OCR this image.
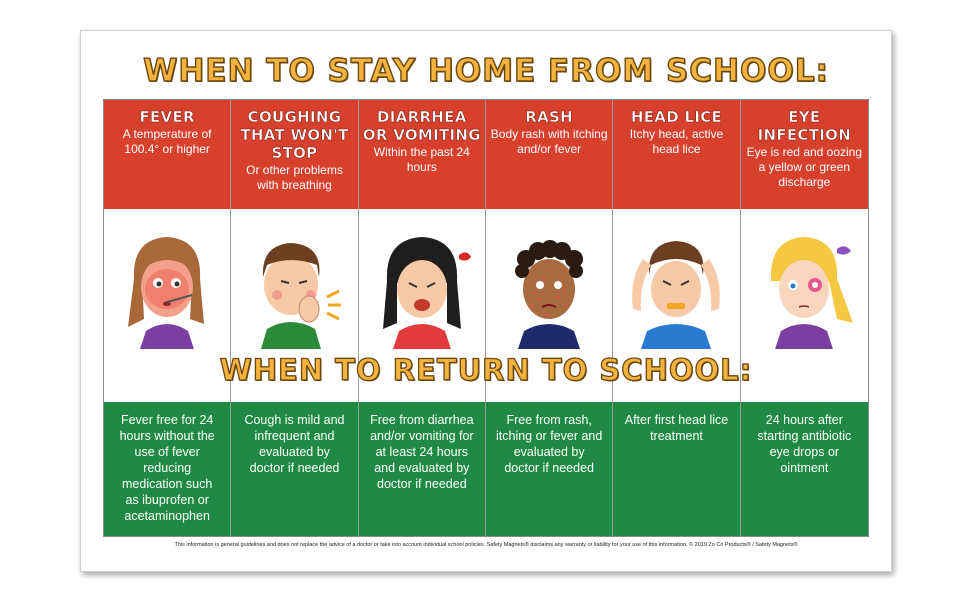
WHEN TO STAY HOME FROM SCHOOL:
FEVER
A temperature of 100.4° or higher
Fever free for 24 hours without the use of fever reducing medication such as ibuprofen or acetaminophen
COUGHING THAT WON'T STOP
Or other problems with breathing
Cough is mild and infrequent and evaluated by doctor if needed
DIARRHEA OR VOMITING
Within the past 24 hours
Free from diarrhea and/or vomiting for at least 24 hours and evaluated by doctor if needed
RASH
Body rash with itching and/or fever
Free from rash, itching or fever and evaluated by doctor if needed
HEAD LICE
Itchy head, active head lice
After first head lice treatment
EYE INFECTION
Eye is red and oozing a yellow or green discharge
24 hours after starting antibiotic eye drops or ointment
WHEN TO RETURN TO SCHOOL:
This information is general guidelines and does not replace the advice of a doctor or take into account individual school policies. Safety Magnets® disclaims any warranty or liability for your use of this information. © 2019 Zo Co Products® / Safety Magnets®
